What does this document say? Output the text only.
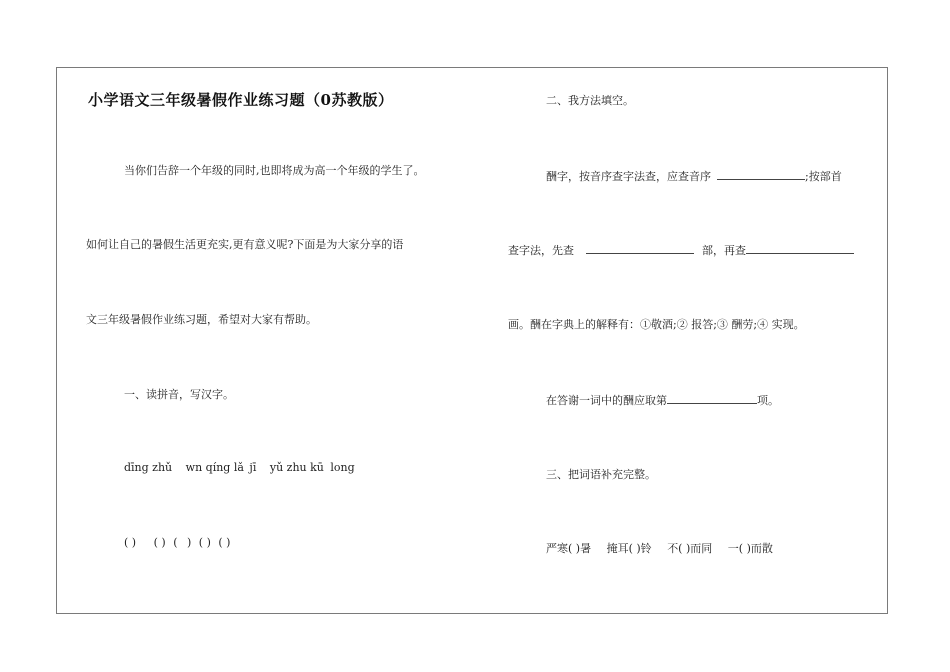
小学语文三年级暑假作业练习题（0苏教版）
当你们告辞一个年级的同时,也即将成为高一个年级的学生了。
如何让自己的暑假生活更充实,更有意义呢?下面是为大家分享的语
文三年级暑假作业练习题，希望对大家有帮助。
一、读拼音，写汉字。
dīng zhǔ wn qíng lǎ jī yǔ zhu kū long
( ) ( ) ( ) ( ) ( )
二、我方法填空。
酬字，按音序查字法查，应查音序	;按部首
查字法，先查	部，再查
画。酬在字典上的解释有：①敬酒;② 报答;③ 酬劳;④ 实现。
在答谢一词中的酬应取第	项。
三、把词语补充完整。
严寒( )暑 掩耳( )铃 不( )而同 一( )而散
